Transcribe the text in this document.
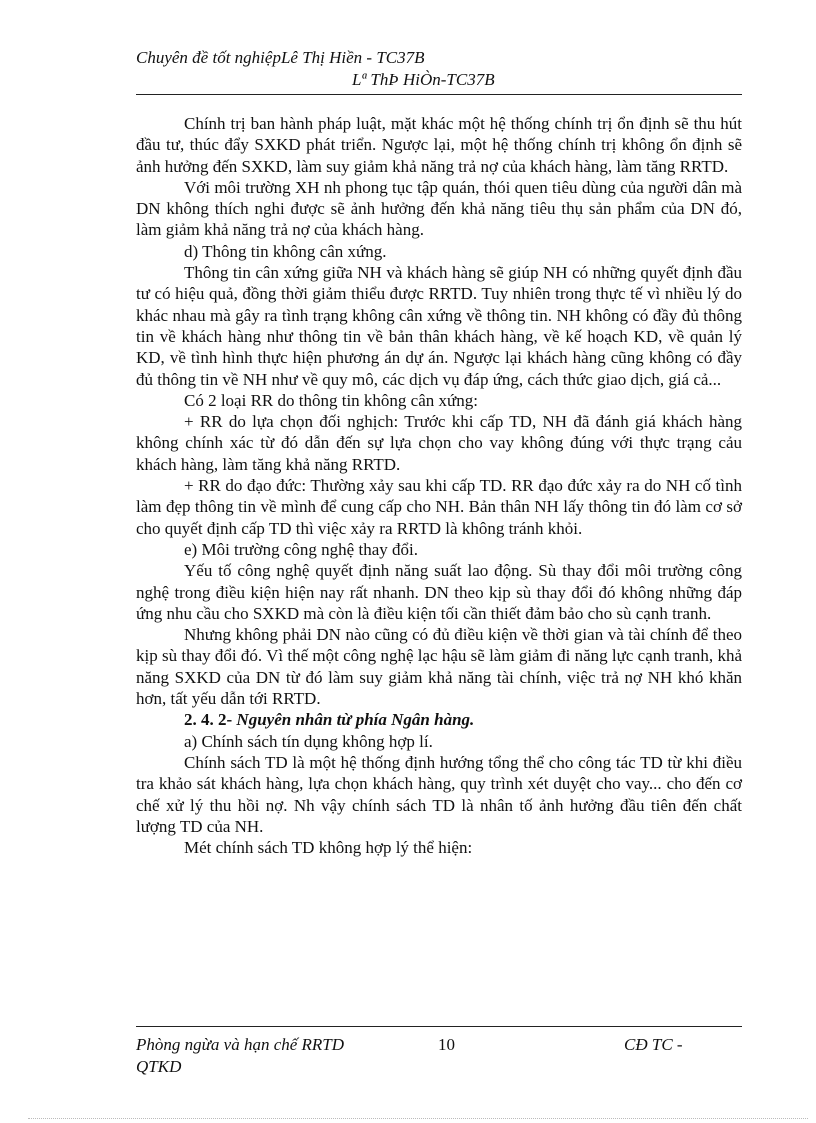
Chuyên đề tốt nghiệpLê Thị Hiền - TC37B
Lª ThÞ HiÒn-TC37B

Chính trị ban hành pháp luật, mặt khác một hệ thống chính trị ổn định sẽ thu hút đầu tư, thúc đẩy SXKD phát triển. Ngược lại, một hệ thống chính trị không ổn định sẽ ảnh hưởng đến SXKD, làm suy giảm khả năng trả nợ của khách hàng, làm tăng RRTD.

Với môi trường XH nh phong tục tập quán, thói quen tiêu dùng của người dân mà DN không thích nghi được sẽ ảnh hưởng đến khả năng tiêu thụ sản phẩm của DN đó, làm giảm khả năng trả nợ của khách hàng.

d) Thông tin không cân xứng.

Thông tin cân xứng giữa NH và khách hàng sẽ giúp NH có những quyết định đầu tư có hiệu quả, đồng thời giảm thiểu được RRTD. Tuy nhiên trong thực tế vì nhiều lý do khác nhau mà gây ra tình trạng không cân xứng về thông tin. NH không có đầy đủ thông tin về khách hàng như thông tin về bản thân khách hàng, về kế hoạch KD, về quản lý KD, về tình hình thực hiện phương án dự án. Ngược lại khách hàng cũng không có đầy đủ thông tin về NH như về quy mô, các dịch vụ đáp ứng, cách thức giao dịch, giá cả...

Có 2 loại RR do thông tin không cân xứng:

+ RR do lựa chọn đối nghịch: Trước khi cấp TD, NH đã đánh giá khách hàng không chính xác từ đó dẫn đến sự lựa chọn cho vay không đúng với thực trạng cảu khách hàng, làm tăng khả năng RRTD.

+ RR do đạo đức: Thường xảy sau khi cấp TD. RR đạo đức xảy ra do NH cố tình làm đẹp thông tin về mình để cung cấp cho NH. Bản thân NH lấy thông tin đó làm cơ sở cho quyết định cấp TD thì việc xảy ra RRTD là không tránh khỏi.

e) Môi trường công nghệ thay đổi.

Yếu tố công nghệ quyết định năng suất lao động. Sù thay đổi môi trường công nghệ trong điều kiện hiện nay rất nhanh. DN theo kịp sù thay đổi đó không những đáp ứng nhu cầu cho SXKD mà còn là điều kiện tối cần thiết đảm bảo cho sù cạnh tranh.

Nhưng không phải DN nào cũng có đủ điều kiện về thời gian và tài chính để theo kịp sù thay đổi đó. Vì thế một công nghệ lạc hậu sẽ làm giảm đi năng lực cạnh tranh, khả năng SXKD của DN từ đó làm suy giảm khả năng tài chính, việc trả nợ NH khó khăn hơn, tất yếu dẫn tới RRTD.

2. 4. 2- Nguyên nhân từ phía Ngân hàng.

a) Chính sách tín dụng không hợp lí.

Chính sách TD là một hệ thống định hướng tổng thể cho công tác TD từ khi điều tra khảo sát khách hàng, lựa chọn khách hàng, quy trình xét duyệt cho vay... cho đến cơ chế xử lý thu hồi nợ. Nh vậy chính sách TD là nhân tố ảnh hưởng đầu tiên đến chất lượng TD của NH.

Mét chính sách TD không hợp lý thể hiện:

Phòng ngừa và hạn chế RRTD QTKD
10	CĐ TC -
